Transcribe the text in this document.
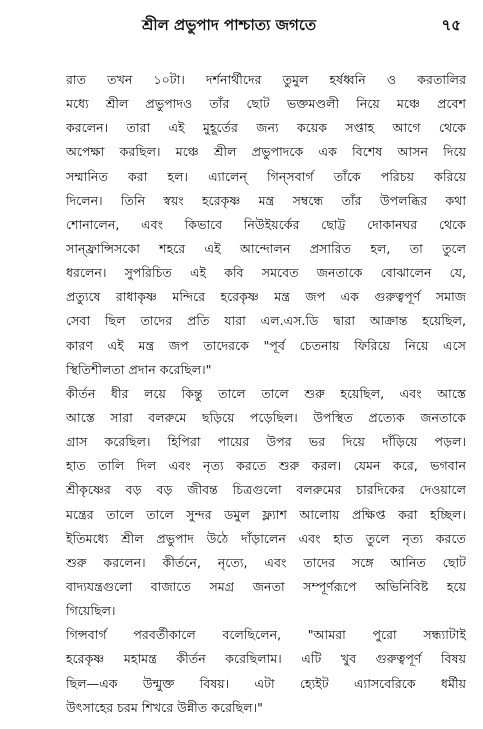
শ্রীল প্রভুপাদ পাশ্চাত্য জগতে	৭৫

রাত তখন ১০টা। দর্শনার্থীদের তুমুল হর্ষধ্বনি ও করতালির
মধ্যে শ্রীল প্রভুপাদও তাঁর ছোট ভক্তমণ্ডলী নিয়ে মঞ্চে প্রবেশ
করলেন। তারা এই মুহূর্তের জন্য কয়েক সপ্তাহ আগে থেকে
অপেক্ষা করছিল। মঞ্চে শ্রীল প্রভুপাদকে এক বিশেষ আসন দিয়ে
সম্মানিত করা হল। এ্যালেন্ গিন্‌সবার্গ তাঁকে পরিচয় করিয়ে
দিলেন। তিনি স্বয়ং হরেকৃষ্ণ মন্ত্র সম্বন্ধে তাঁর উপলব্ধির কথা
শোনালেন, এবং কিভাবে নিউইয়র্কের ছোট্ট দোকানঘর থেকে
সান্‌ফ্রান্সিসকো শহরে এই আন্দোলন প্রসারিত হল, তা তুলে
ধরলেন। সুপরিচিত এই কবি সমবেত জনতাকে বোঝালেন যে,
প্রত্যুষে রাধাকৃষ্ণ মন্দিরে হরেকৃষ্ণ মন্ত্র জপ এক গুরুত্বপূর্ণ সমাজ
সেবা ছিল তাদের প্রতি যারা এল.এস.ডি দ্বারা আক্রান্ত হয়েছিল,
কারণ এই মন্ত্র জপ তাদেরকে "পূর্ব চেতনায় ফিরিয়ে নিয়ে এসে
স্থিতিশীলতা প্রদান করেছিল।"

কীর্তন ধীর লয়ে কিন্তু তালে তালে শুরু হয়েছিল, এবং আস্তে
আস্তে সারা বলরুমে ছড়িয়ে পড়েছিল। উপস্থিত প্রত্যেক জনতাকে
গ্রাস করেছিল। হিপিরা পায়ের উপর ভর দিয়ে দাঁড়িয়ে পড়ল।
হাত তালি দিল এবং নৃত্য করতে শুরু করল। যেমন করে, ভগবান
শ্রীকৃষ্ণের বড় বড় জীবন্ত চিত্রগুলো বলরুমের চারদিকের দেওয়ালে
মন্ত্রের তালে তালে সুন্দর ডমুল ফ্ল্যাশ আলোয় প্রক্ষিপ্ত করা হচ্ছিল।
ইতিমধ্যে শ্রীল প্রভুপাদ উঠে দাঁড়ালেন এবং হাত তুলে নৃত্য করতে
শুরু করলেন। কীর্তনে, নৃত্যে, এবং তাদের সঙ্গে আনিত ছোট
বাদ্যযন্ত্রগুলো বাজাতে সমগ্র জনতা সম্পূর্ণরূপে অভিনিবিষ্ট হয়ে
গিয়েছিল।

গিন্সবার্গ পরবর্তীকালে বলেছিলেন, "আমরা পুরো সন্ধ্যাটাই
হরেকৃষ্ণ মহামন্ত্র কীর্তন করেছিলাম। এটি খুব গুরুত্বপূর্ণ বিষয়
ছিল—এক উন্মুক্ত বিষয়। এটা হ্যেইট এ্যাসবেরিকে ধর্মীয়
উৎসাহের চরম শিখরে উন্নীত করেছিল।"
